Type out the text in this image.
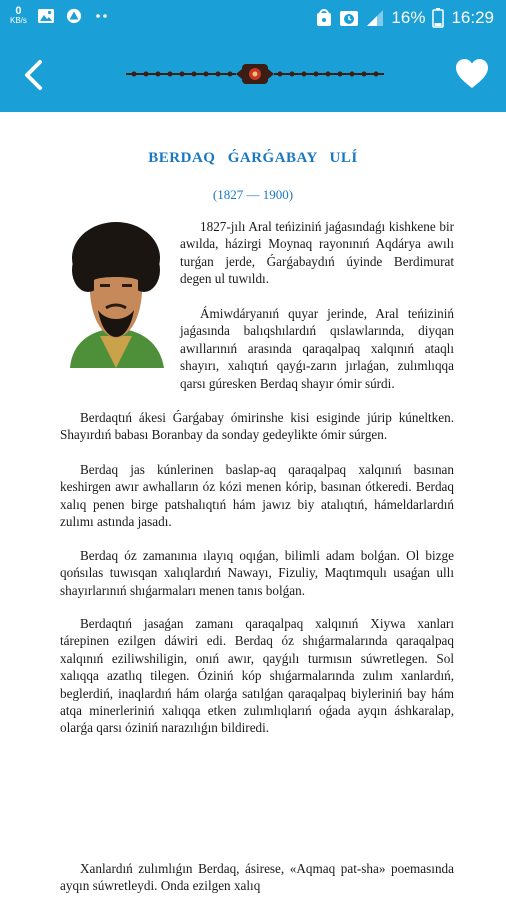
0
KB/s	16% 16:29
BERDAQ ǴARǴABAY ULÍ
(1827 — 1900)
1827-jılı Aral teńiziniń jaǵasındaǵı kishkene bir awılda, házirgi Moynaq rayonınıń Aqdárya awılı turǵan jerde, Ǵarǵabaydıń úyinde Berdimurat degen ul tuwıldı.
Ámiwdáryanıń quyar jerinde, Aral teńiziniń jaǵasında balıqshılardıń qıslawlarında, diyqan awıllarınıń arasında qaraqalpaq xalqınıń ataqlı shayırı, xalıqtıń qayǵı-zarın jırlaǵan, zulımlıqqa qarsı gúresken Berdaq shayır ómir súrdi.
Berdaqtıń ákesi Ǵarǵabay ómirinshe kisi esiginde júrip kúneltken. Shayırdıń babası Boranbay da sonday gedeylikte ómir súrgen.
Berdaq jas kúnlerinen baslap-aq qaraqalpaq xalqınıń basınan keshirgen awır awhalların óz kózi menen kórip, basınan ótkeredi. Berdaq xalıq penen birge patshalıqtıń hám jawız biy atalıqtıń, hámeldarlardıń zulımı astında jasadı.
Berdaq óz zamanınıa ılayıq oqıǵan, bilimli adam bolǵan. Ol bizge qońsılas tuwısqan xalıqlardıń Nawayı, Fizuliy, Maqtımqulı usaǵan ullı shayırlarınıń shıǵarmaları menen tanıs bolǵan.
Berdaqtıń jasaǵan zamanı qaraqalpaq xalqınıń Xiywa xanları tárepinen ezilgen dáwiri edi. Berdaq óz shıǵarmalarında qaraqalpaq xalqınıń eziliwshiligin, onıń awır, qayǵılı turmısın súwretlegen. Sol xalıqqa azatlıq tilegen. Óziniń kóp shıǵarmalarında zulım xanlardıń, beglerdiń, inaqlardıń hám olarǵa satılǵan qaraqalpaq biyleriniń bay hám atqa minerleriniń xalıqqa etken zulımlıqlarıń oǵada ayqın áshkaralap, olarǵa qarsı óziniń narazılıǵın bildiredi.
Xanlardıń zulımlıǵın Berdaq, ásirese, «Aqmaq pat-sha» poemasında ayqın súwretleydi. Onda ezilgen xalıq
